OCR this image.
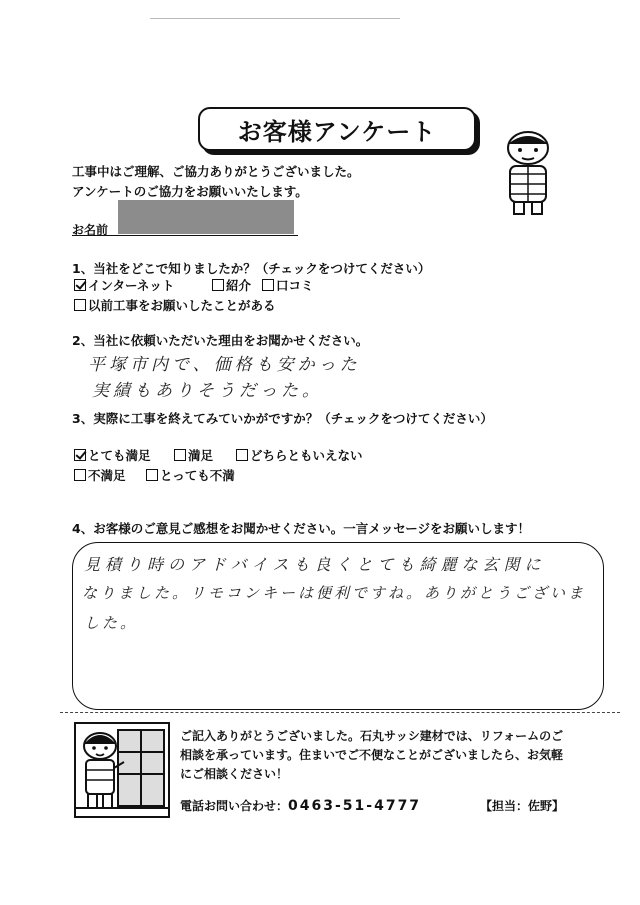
お客様アンケート
工事中はご理解、ご協力ありがとうございました。
アンケートのご協力をお願いいたします。
お名前
1、当社をどこで知りましたか？（チェックをつけてください）
インターネット	紹介 口コミ
以前工事をお願いしたことがある
2、当社に依頼いただいた理由をお聞かせください。
平塚市内で、価格も安かった
実績もありそうだった。
3、実際に工事を終えてみていかがですか？（チェックをつけてください）
とても満足	満足	どちらともいえない
不満足	とっても不満
4、お客様のご意見ご感想をお聞かせください。一言メッセージをお願いします！
見積り時のアドバイスも良くとても綺麗な玄関に
なりました。リモコンキーは便利ですね。ありがとうございま
した。
ご記入ありがとうございました。石丸サッシ建材では、リフォームのご
相談を承っています。住まいでご不便なことがございましたら、お気軽
にご相談ください！
電話お問い合わせ： 0463-51-4777	【担当：佐野】
